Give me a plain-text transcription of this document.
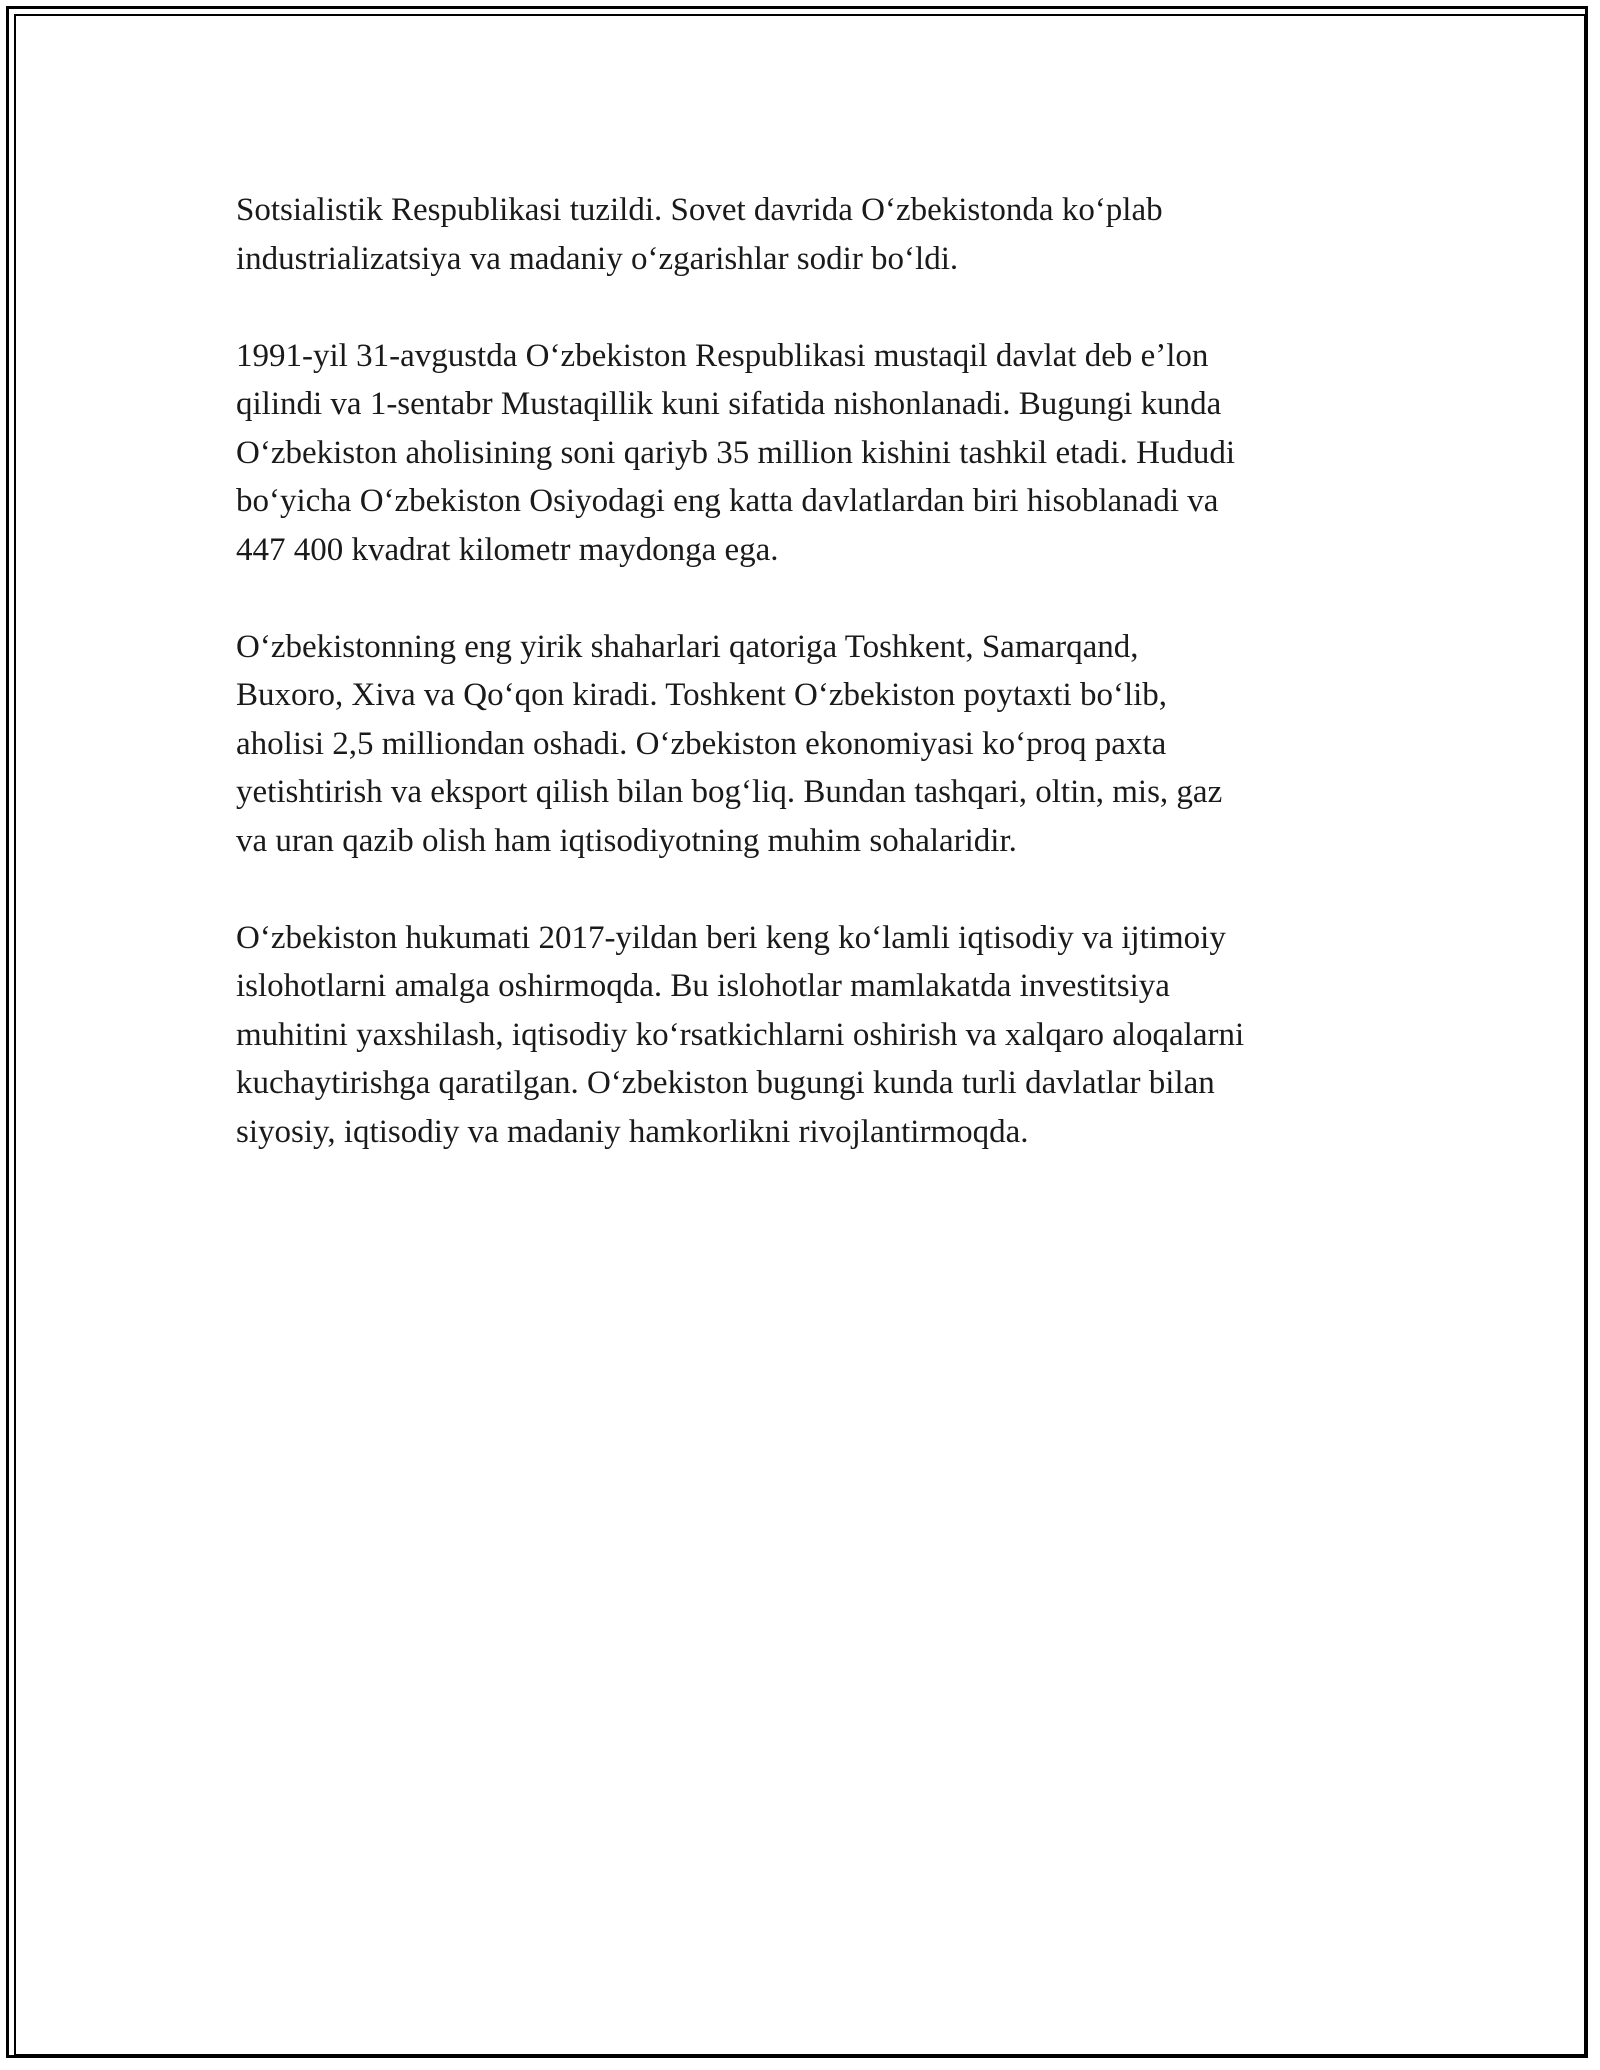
Sotsialistik Respublikasi tuzildi. Sovet davrida Oʻzbekistonda koʻplab
industrializatsiya va madaniy oʻzgarishlar sodir boʻldi.

1991-yil 31-avgustda Oʻzbekiston Respublikasi mustaqil davlat deb eʼlon
qilindi va 1-sentabr Mustaqillik kuni sifatida nishonlanadi. Bugungi kunda
Oʻzbekiston aholisining soni qariyb 35 million kishini tashkil etadi. Hududi
boʻyicha Oʻzbekiston Osiyodagi eng katta davlatlardan biri hisoblanadi va
447 400 kvadrat kilometr maydonga ega.

Oʻzbekistonning eng yirik shaharlari qatoriga Toshkent, Samarqand,
Buxoro, Xiva va Qoʻqon kiradi. Toshkent Oʻzbekiston poytaxti boʻlib,
aholisi 2,5 milliondan oshadi. Oʻzbekiston ekonomiyasi koʻproq paxta
yetishtirish va eksport qilish bilan bogʻliq. Bundan tashqari, oltin, mis, gaz
va uran qazib olish ham iqtisodiyotning muhim sohalaridir.

Oʻzbekiston hukumati 2017-yildan beri keng koʻlamli iqtisodiy va ijtimoiy
islohotlarni amalga oshirmoqda. Bu islohotlar mamlakatda investitsiya
muhitini yaxshilash, iqtisodiy koʻrsatkichlarni oshirish va xalqaro aloqalarni
kuchaytirishga qaratilgan. Oʻzbekiston bugungi kunda turli davlatlar bilan
siyosiy, iqtisodiy va madaniy hamkorlikni rivojlantirmoqda.
